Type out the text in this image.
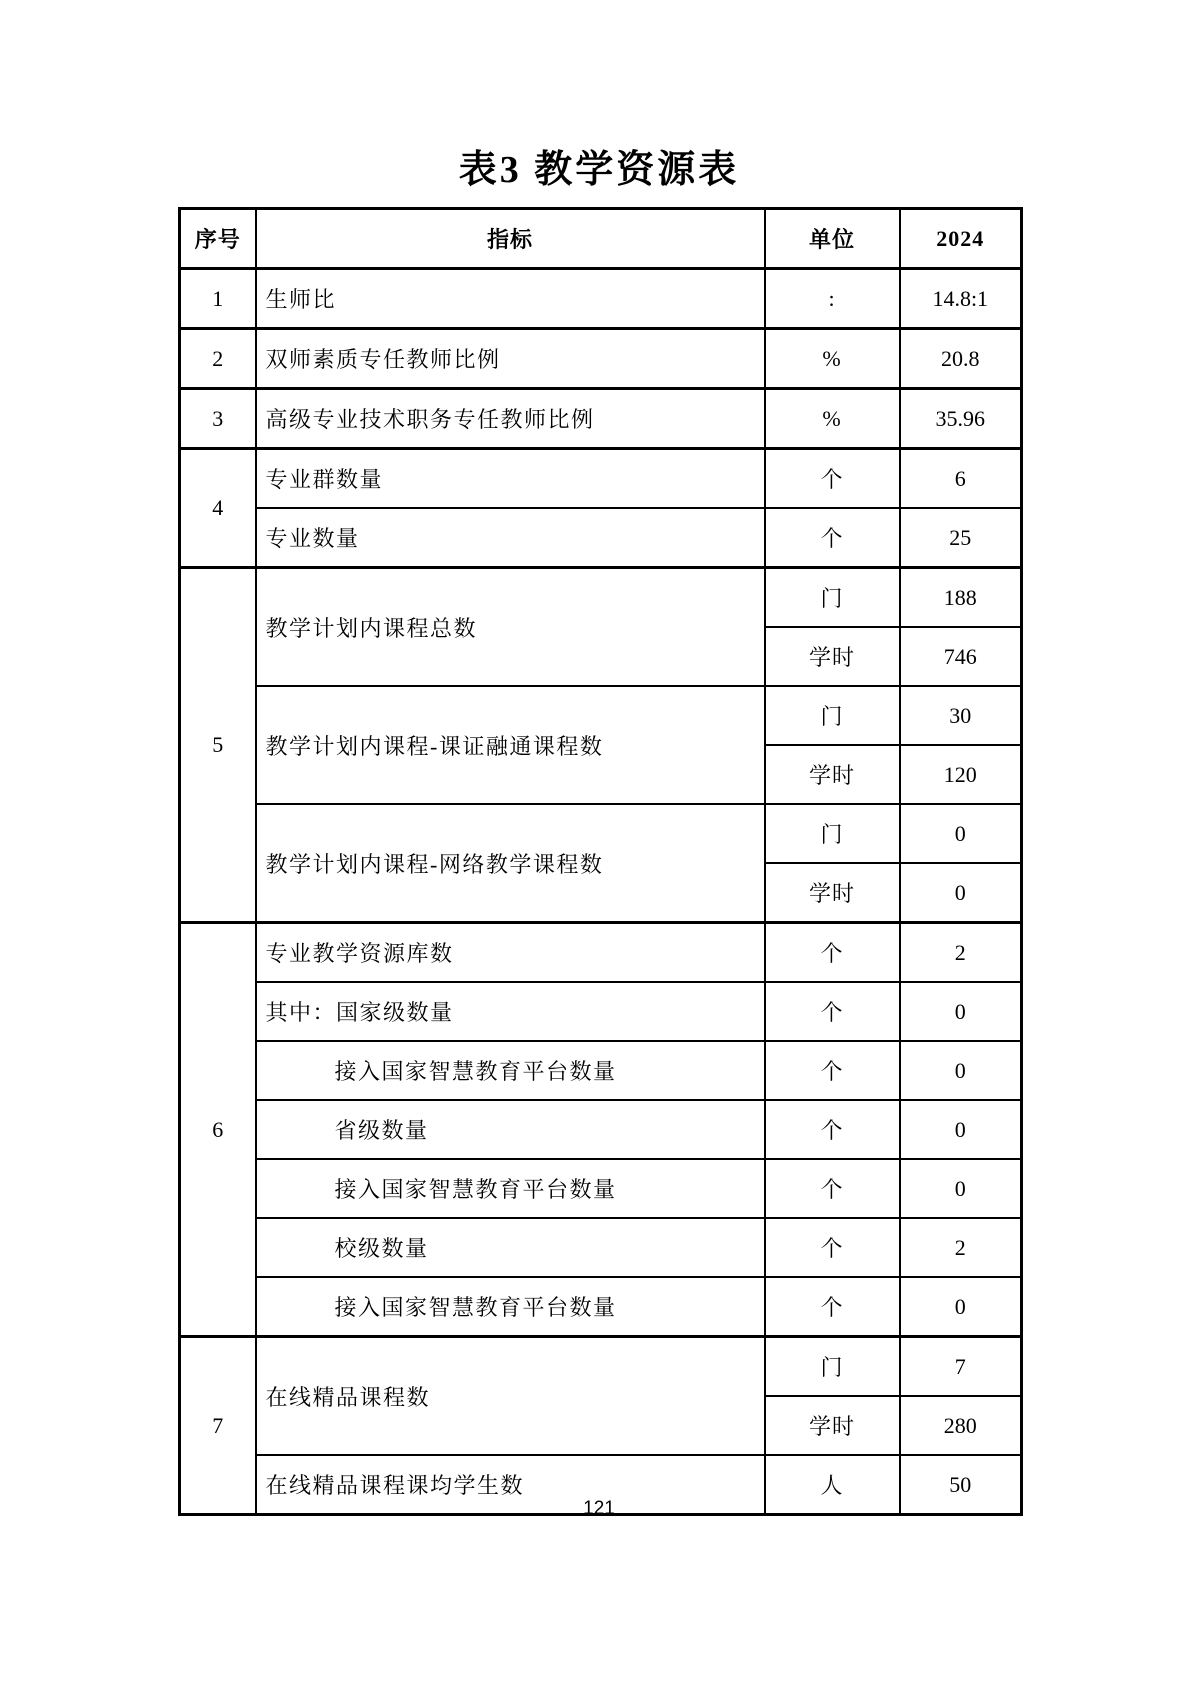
表3 教学资源表
序号	指标	单位	2024
1	生师比	:	14.8:1
2	双师素质专任教师比例	%	20.8
3	高级专业技术职务专任教师比例	%	35.96
4	专业群数量	个	6
	专业数量	个	25
5	教学计划内课程总数	门	188
		学时	746
	教学计划内课程-课证融通课程数	门	30
		学时	120
	教学计划内课程-网络教学课程数	门	0
		学时	0
6	专业教学资源库数	个	2
	其中：国家级数量	个	0
	接入国家智慧教育平台数量	个	0
	省级数量	个	0
	接入国家智慧教育平台数量	个	0
	校级数量	个	2
	接入国家智慧教育平台数量	个	0
7	在线精品课程数	门	7
		学时	280
	在线精品课程课均学生数	人	50
121
